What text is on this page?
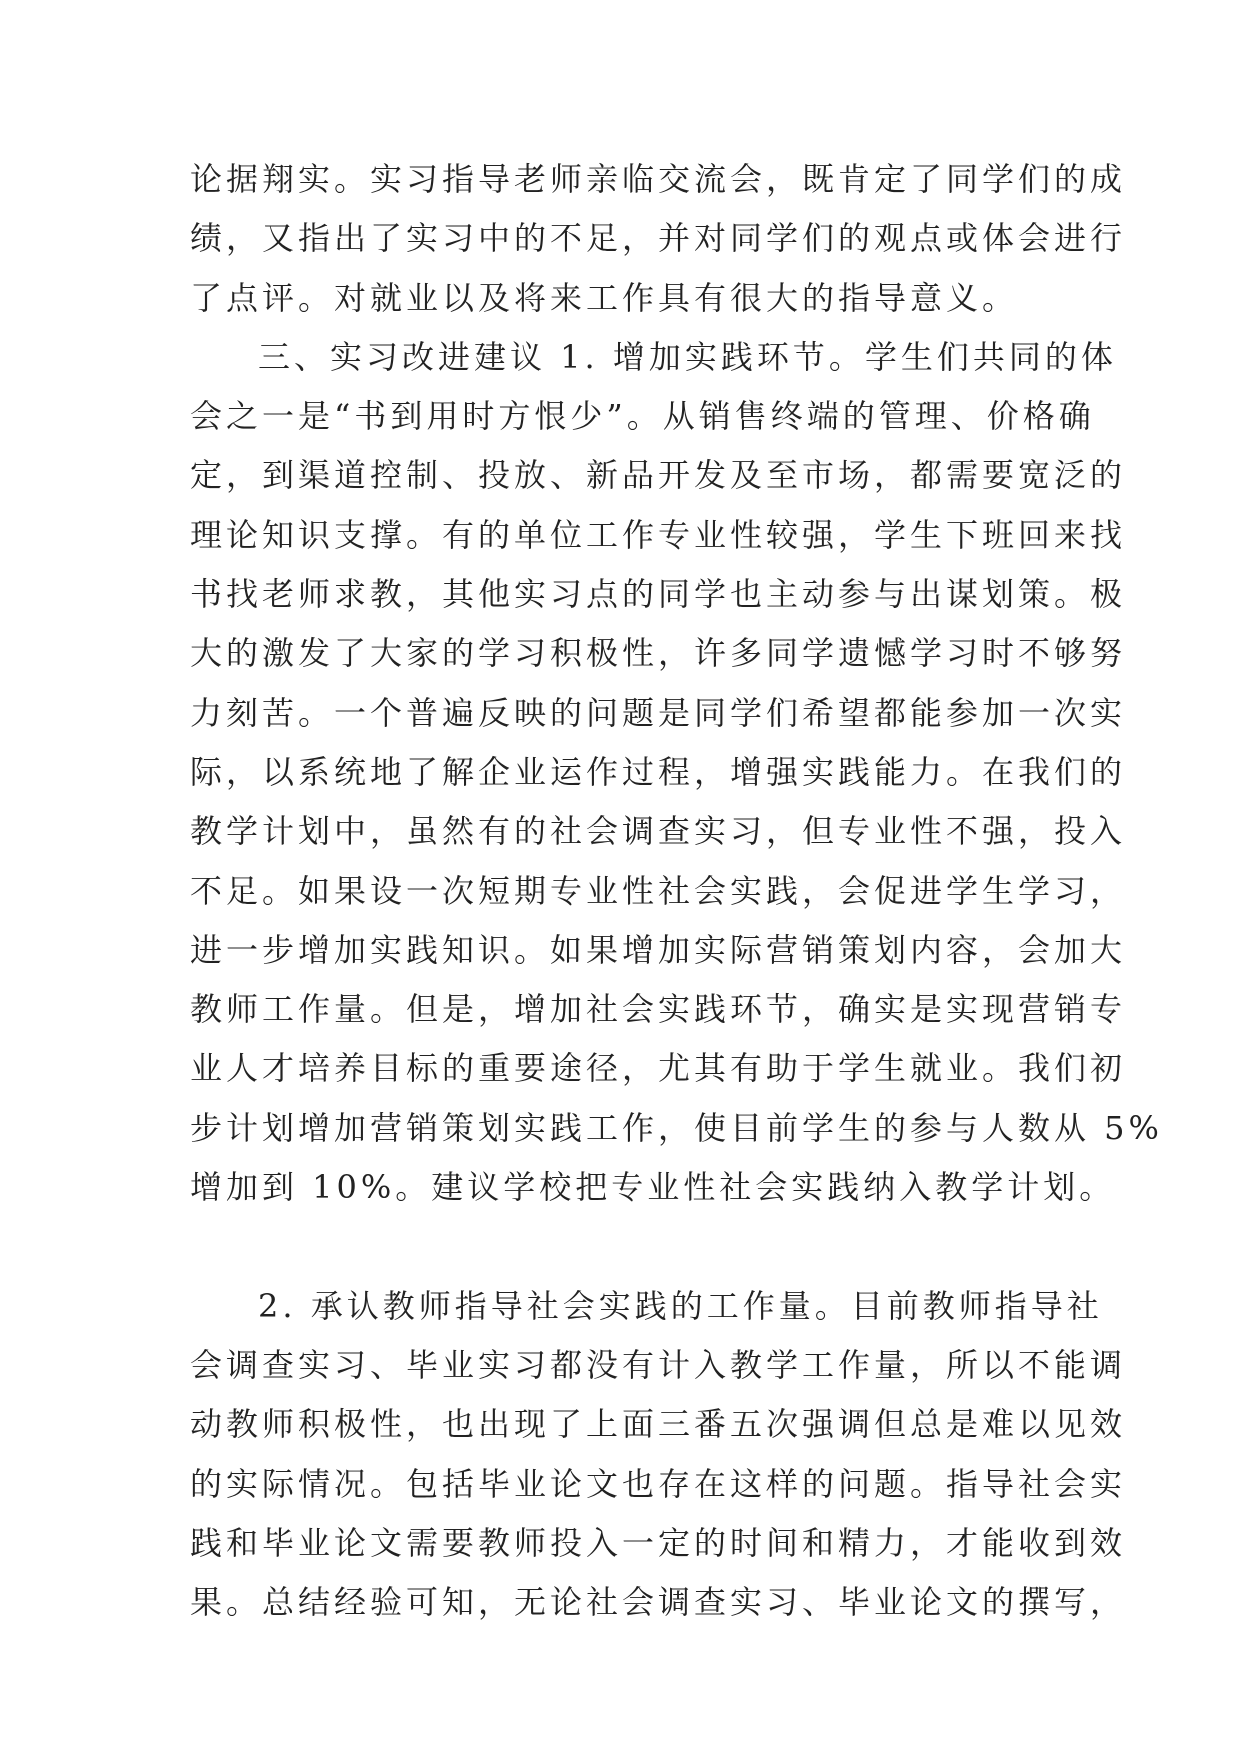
论据翔实。实习指导老师亲临交流会，既肯定了同学们的成
绩，又指出了实习中的不足，并对同学们的观点或体会进行
了点评。对就业以及将来工作具有很大的指导意义。
三、实习改进建议 1. 增加实践环节。学生们共同的体
会之一是“书到用时方恨少”。从销售终端的管理、价格确
定，到渠道控制、投放、新品开发及至市场，都需要宽泛的
理论知识支撑。有的单位工作专业性较强，学生下班回来找
书找老师求教，其他实习点的同学也主动参与出谋划策。极
大的激发了大家的学习积极性，许多同学遗憾学习时不够努
力刻苦。一个普遍反映的问题是同学们希望都能参加一次实
际，以系统地了解企业运作过程，增强实践能力。在我们的
教学计划中，虽然有的社会调查实习，但专业性不强，投入
不足。如果设一次短期专业性社会实践，会促进学生学习，
进一步增加实践知识。如果增加实际营销策划内容，会加大
教师工作量。但是，增加社会实践环节，确实是实现营销专
业人才培养目标的重要途径，尤其有助于学生就业。我们初
步计划增加营销策划实践工作，使目前学生的参与人数从 5%
增加到 10%。建议学校把专业性社会实践纳入教学计划。
2. 承认教师指导社会实践的工作量。目前教师指导社
会调查实习、毕业实习都没有计入教学工作量，所以不能调
动教师积极性，也出现了上面三番五次强调但总是难以见效
的实际情况。包括毕业论文也存在这样的问题。指导社会实
践和毕业论文需要教师投入一定的时间和精力，才能收到效
果。总结经验可知，无论社会调查实习、毕业论文的撰写，
